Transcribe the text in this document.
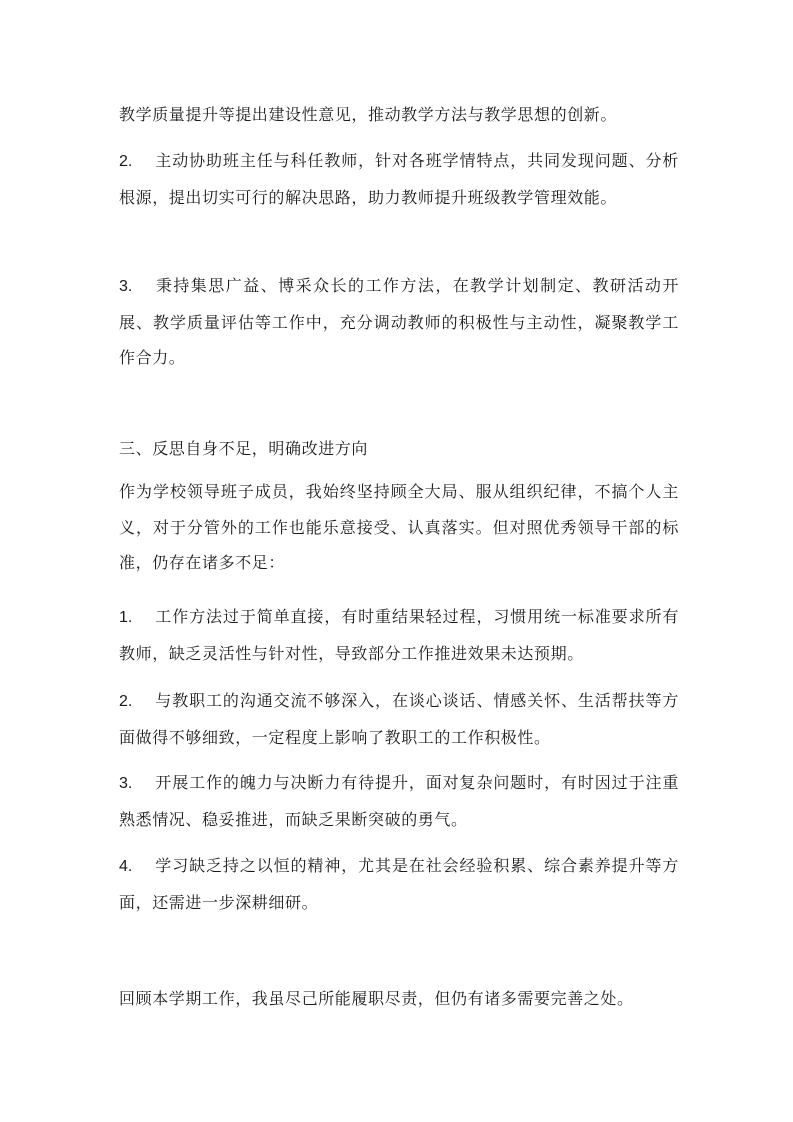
教学质量提升等提出建设性意见，推动教学方法与教学思想的创新。
2. 主动协助班主任与科任教师，针对各班学情特点，共同发现问题、分析根源，提出切实可行的解决思路，助力教师提升班级教学管理效能。
3. 秉持集思广益、博采众长的工作方法，在教学计划制定、教研活动开展、教学质量评估等工作中，充分调动教师的积极性与主动性，凝聚教学工作合力。
三、反思自身不足，明确改进方向
作为学校领导班子成员，我始终坚持顾全大局、服从组织纪律，不搞个人主义，对于分管外的工作也能乐意接受、认真落实。但对照优秀领导干部的标准，仍存在诸多不足：
1. 工作方法过于简单直接，有时重结果轻过程，习惯用统一标准要求所有教师，缺乏灵活性与针对性，导致部分工作推进效果未达预期。
2. 与教职工的沟通交流不够深入，在谈心谈话、情感关怀、生活帮扶等方面做得不够细致，一定程度上影响了教职工的工作积极性。
3. 开展工作的魄力与决断力有待提升，面对复杂问题时，有时因过于注重熟悉情况、稳妥推进，而缺乏果断突破的勇气。
4. 学习缺乏持之以恒的精神，尤其是在社会经验积累、综合素养提升等方面，还需进一步深耕细研。
回顾本学期工作，我虽尽己所能履职尽责，但仍有诸多需要完善之处。
